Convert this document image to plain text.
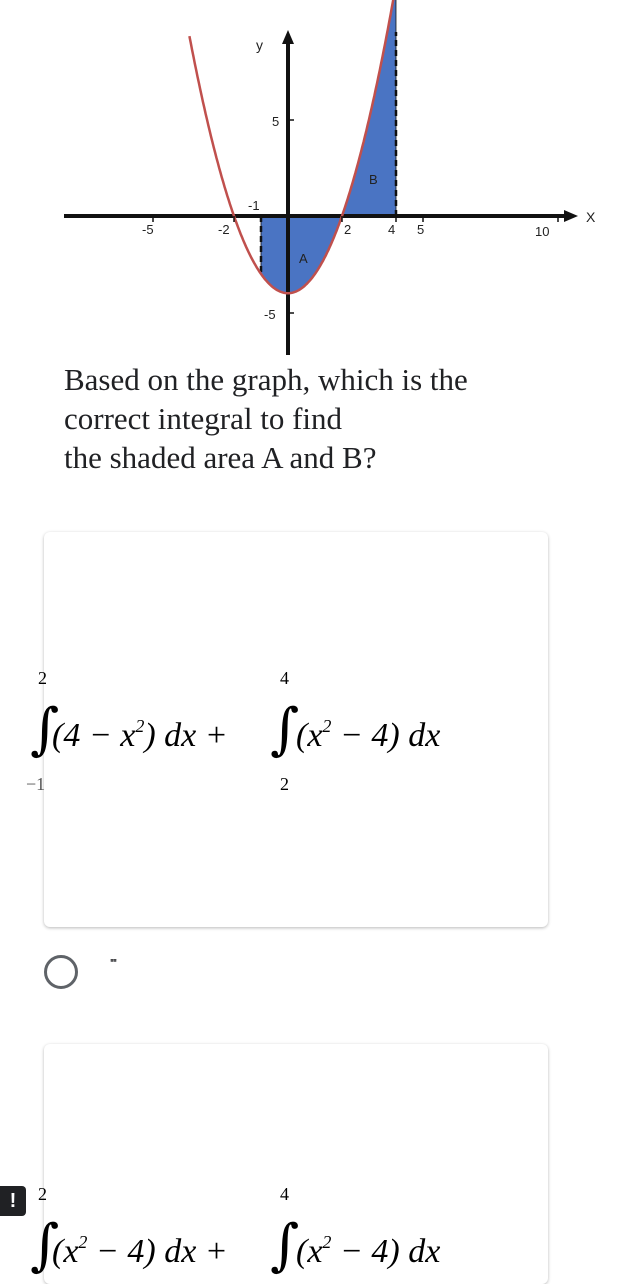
X
y
-5	-2	2	4 5	10
5
-1
-5
A
B
Based on the graph, which is the
correct integral to find
the shaded area A and B?
∫
2
−1
$(4 - x^2)$ dx + ∫
4
2
$(x^2 - 4)$ dx
''''
2
∫
$(x^2 - 4)$ dx +
4
∫
$(x^2 - 4)$ dx
!
